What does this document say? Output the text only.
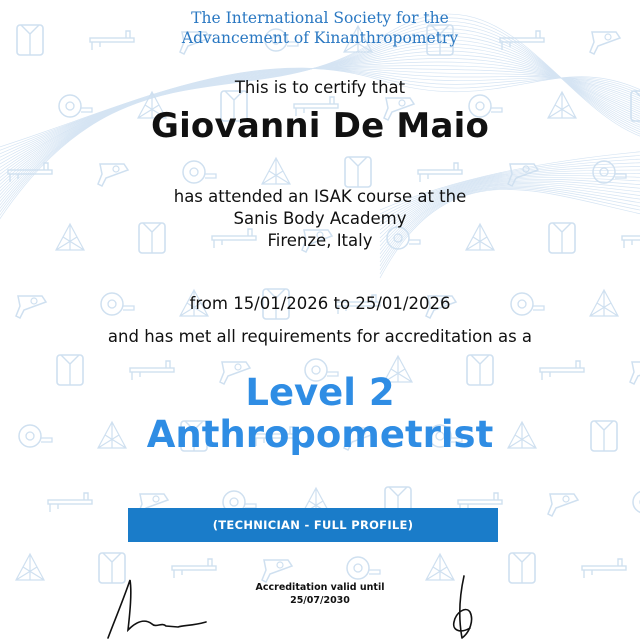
The International Society for the
Advancement of Kinanthropometry
This is to certify that
Giovanni De Maio
has attended an ISAK course at the
Sanis Body Academy
Firenze, Italy
from 15/01/2026 to 25/01/2026
and has met all requirements for accreditation as a
Level 2
Anthropometrist
(TECHNICIAN - FULL PROFILE)
Accreditation valid until
25/07/2030
